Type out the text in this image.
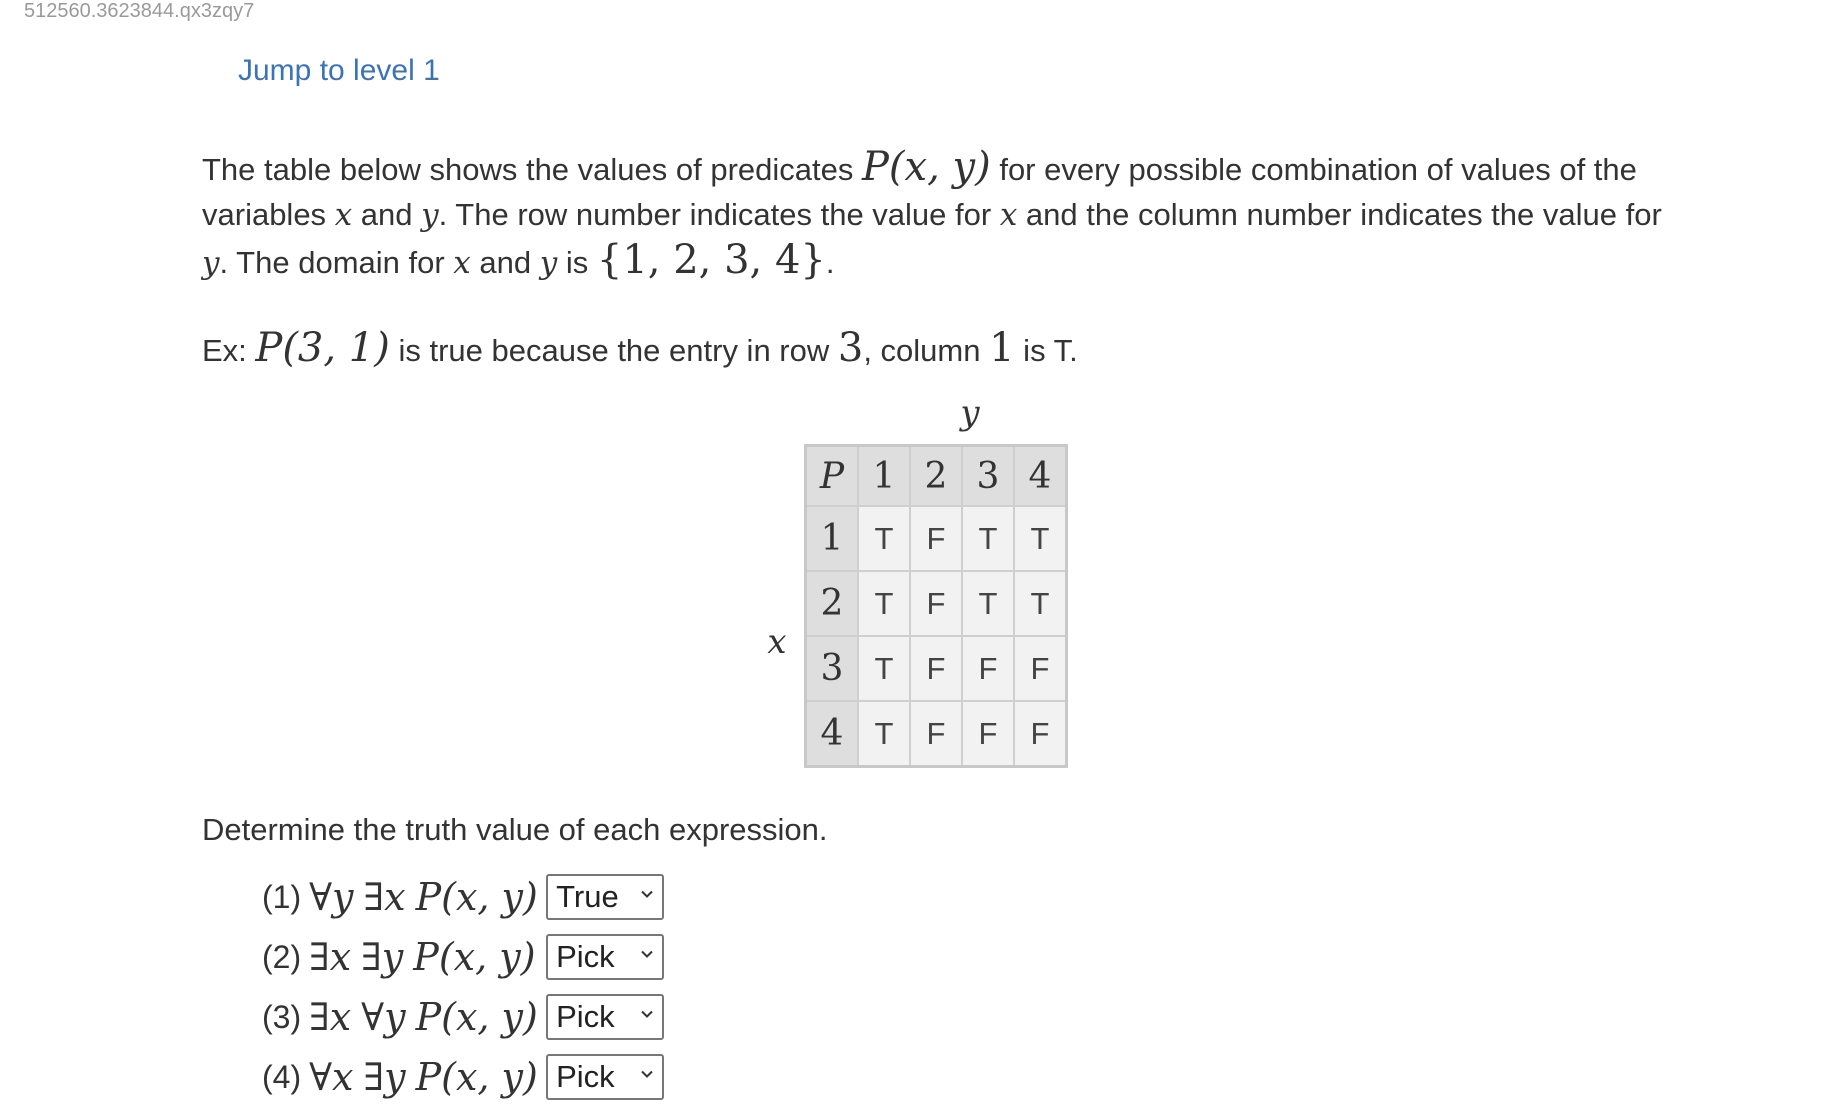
512560.3623844.qx3zqy7
Jump to level 1

The table below shows the values of predicates P(x, y) for every possible combination of values of the variables x and y. The row number indicates the value for x and the column number indicates the value for y. The domain for x and y is {1, 2, 3, 4}.

Ex: P(3, 1) is true because the entry in row 3, column 1 is T.

y
x
P	1	2	3	4
1	T	F	T	T
2	T	F	T	T
3	T	F	F	F
4	T	F	F	F

Determine the truth value of each expression.

(1) ∀y ∃x P(x, y) True
(2) ∃x ∃y P(x, y) Pick
(3) ∃x ∀y P(x, y) Pick
(4) ∀x ∃y P(x, y) Pick
